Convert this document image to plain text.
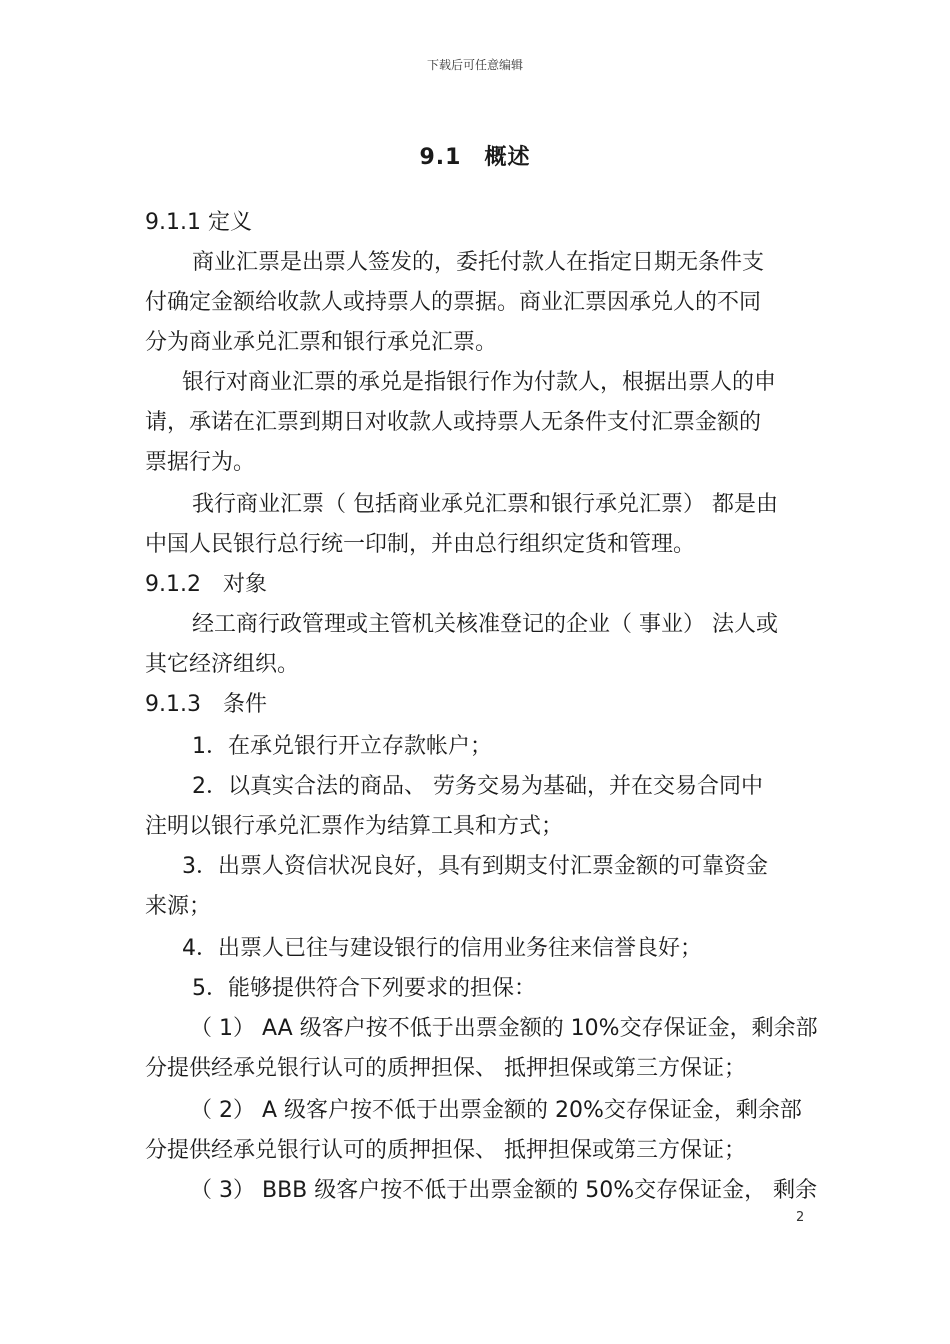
下载后可任意编辑
9.1　概述
9.1.1 定义
商业汇票是出票人签发的，委托付款人在指定日期无条件支
付确定金额给收款人或持票人的票据。商业汇票因承兑人的不同
分为商业承兑汇票和银行承兑汇票。
银行对商业汇票的承兑是指银行作为付款人，根据出票人的申
请，承诺在汇票到期日对收款人或持票人无条件支付汇票金额的
票据行为。
我行商业汇票（ 包括商业承兑汇票和银行承兑汇票） 都是由
中国人民银行总行统一印制，并由总行组织定货和管理。
9.1.2　对象
经工商行政管理或主管机关核准登记的企业（ 事业） 法人或
其它经济组织。
9.1.3　条件
1．在承兑银行开立存款帐户；
2．以真实合法的商品、 劳务交易为基础，并在交易合同中
注明以银行承兑汇票作为结算工具和方式；
3．出票人资信状况良好，具有到期支付汇票金额的可靠资金
来源；
4．出票人已往与建设银行的信用业务往来信誉良好；
5．能够提供符合下列要求的担保：
（ 1） AA 级客户按不低于出票金额的 10%交存保证金，剩余部
分提供经承兑银行认可的质押担保、 抵押担保或第三方保证；
（ 2） A 级客户按不低于出票金额的 20%交存保证金，剩余部
分提供经承兑银行认可的质押担保、 抵押担保或第三方保证；
（ 3） BBB 级客户按不低于出票金额的 50%交存保证金， 剩余
2
